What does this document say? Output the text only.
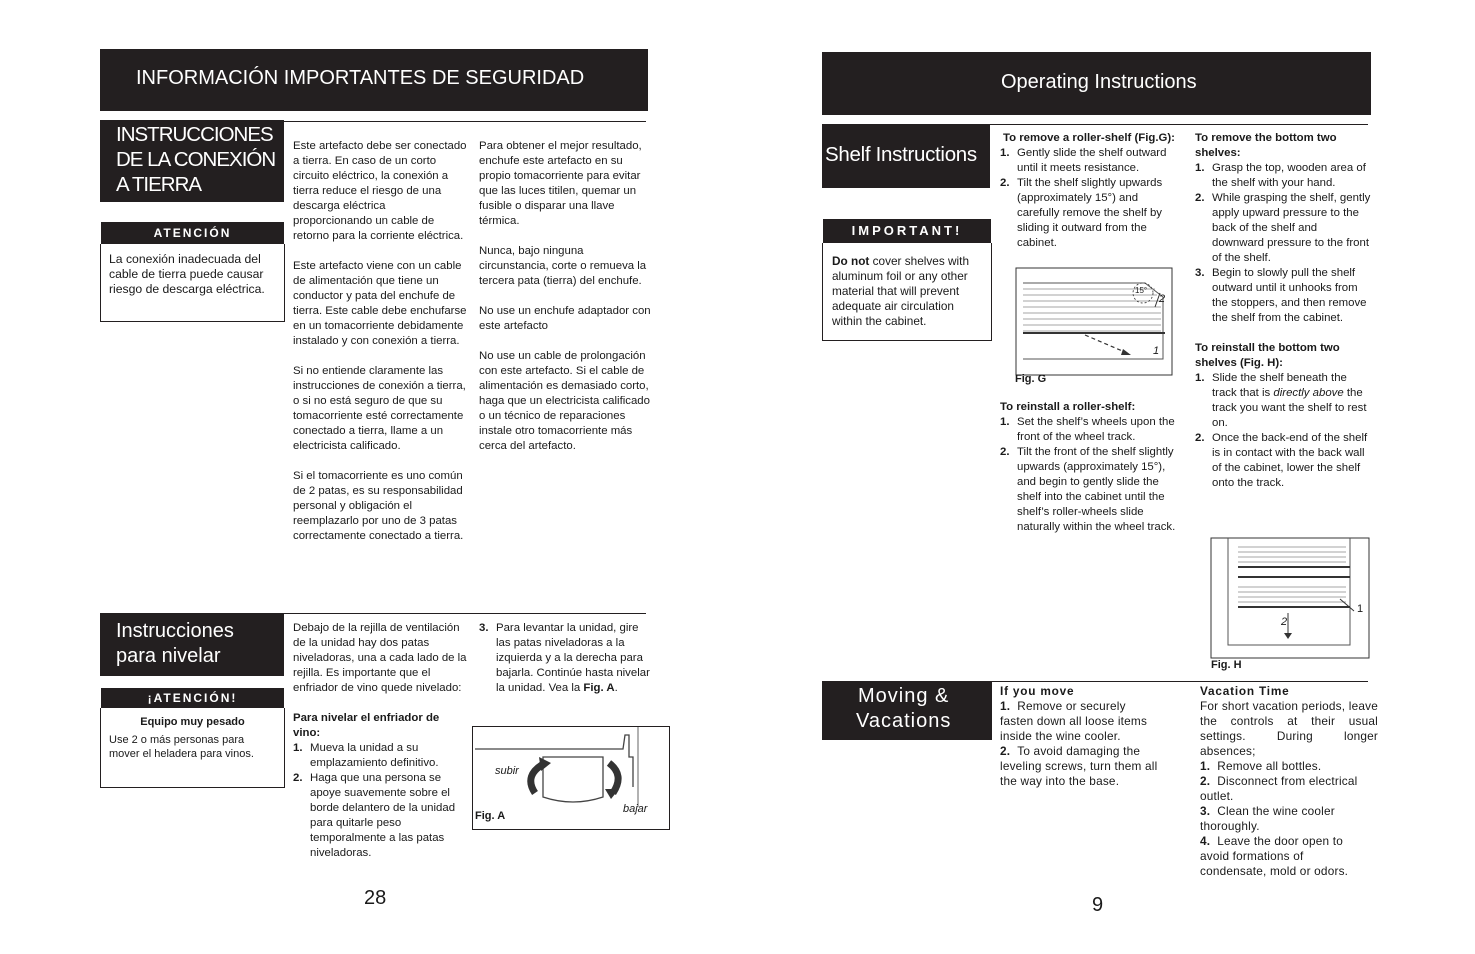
INFORMACIÓN IMPORTANTES DE SEGURIDAD
INSTRUCCIONES
DE LA CONEXIÓN
A TIERRA
ATENCIÓN
La conexión inadecuada del cable de tierra puede causar riesgo de descarga eléctrica.

Este artefacto debe ser conectado a tierra. En caso de un corto circuito eléctrico, la conexión a tierra reduce el riesgo de una descarga eléctrica proporcionando un cable de retorno para la corriente eléctrica.

Este artefacto viene con un cable de alimentación que tiene un conductor y pata del enchufe de tierra. Este cable debe enchufarse en un tomacorriente debidamente instalado y con conexión a tierra.

Si no entiende claramente las instrucciones de conexión a tierra, o si no está seguro de que su tomacorriente esté correctamente conectado a tierra, llame a un electricista calificado.

Si el tomacorriente es uno común de 2 patas, es su responsabilidad personal y obligación el reemplazarlo por uno de 3 patas correctamente conectado a tierra.

Para obtener el mejor resultado, enchufe este artefacto en su propio tomacorriente para evitar que las luces titilen, quemar un fusible o disparar una llave térmica.

Nunca, bajo ninguna circunstancia, corte o remueva la tercera pata (tierra) del enchufe.

No use un enchufe adaptador con este artefacto

No use un cable de prolongación con este artefacto. Si el cable de alimentación es demasiado corto, haga que un electricista calificado o un técnico de reparaciones instale otro tomacorriente más cerca del artefacto.

Instrucciones
para nivelar
¡ATENCIÓN!
Equipo muy pesado
Use 2 o más personas para mover el heladera para vinos.

Debajo de la rejilla de ventilación de la unidad hay dos patas niveladoras, una a cada lado de la rejilla. Es importante que el enfriador de vino quede nivelado:

Para nivelar el enfriador de vino:

1. Mueva la unidad a su emplazamiento definitivo.
2. Haga que una persona se apoye suavemente sobre el borde delantero de la unidad para quitarle peso temporalmente a las patas niveladoras.
3. Para levantar la unidad, gire las patas niveladoras a la izquierda y a la derecha para bajarla. Continúe hasta nivelar la unidad. Vea la Fig. A.
subir
bajar
Fig. A
28
Operating Instructions
Shelf Instructions
IMPORTANT!
Do not cover shelves with aluminum foil or any other material that will prevent adequate air circulation within the cabinet.

To remove a roller-shelf (Fig.G):

1. Gently slide the shelf outward until it meets resistance.
2. Tilt the shelf slightly upwards (approximately 15°) and carefully remove the shelf by sliding it outward from the cabinet.
15°
2
1
Fig. G

To reinstall a roller-shelf:

1. Set the shelf’s wheels upon the front of the wheel track.
2. Tilt the front of the shelf slightly upwards (approximately 15°), and begin to gently slide the shelf into the cabinet until the shelf’s roller-wheels slide naturally within the wheel track.

To remove the bottom two shelves:

1. Grasp the top, wooden area of the shelf with your hand.
2. While grasping the shelf, gently apply upward pressure to the back of the shelf and downward pressure to the front of the shelf.
3. Begin to slowly pull the shelf outward until it unhooks from the stoppers, and then remove the shelf from the cabinet.

To reinstall the bottom two shelves (Fig. H):

1. Slide the shelf beneath the track that is directly above the track you want the shelf to rest on.
2. Once the back-end of the shelf is in contact with the back wall of the cabinet, lower the shelf onto the track.
1
2
Fig. H
Moving &
Vacations

If you move

1. Remove or securely fasten down all loose items inside the wine cooler.

2. To avoid damaging the leveling screws, turn them all the way into the base.

Vacation Time

For short vacation periods, leave the controls at their usual settings. During longer absences;

1. Remove all bottles.

2. Disconnect from electrical outlet.

3. Clean the wine cooler thoroughly.

4. Leave the door open to avoid formations of condensate, mold or odors.

9
